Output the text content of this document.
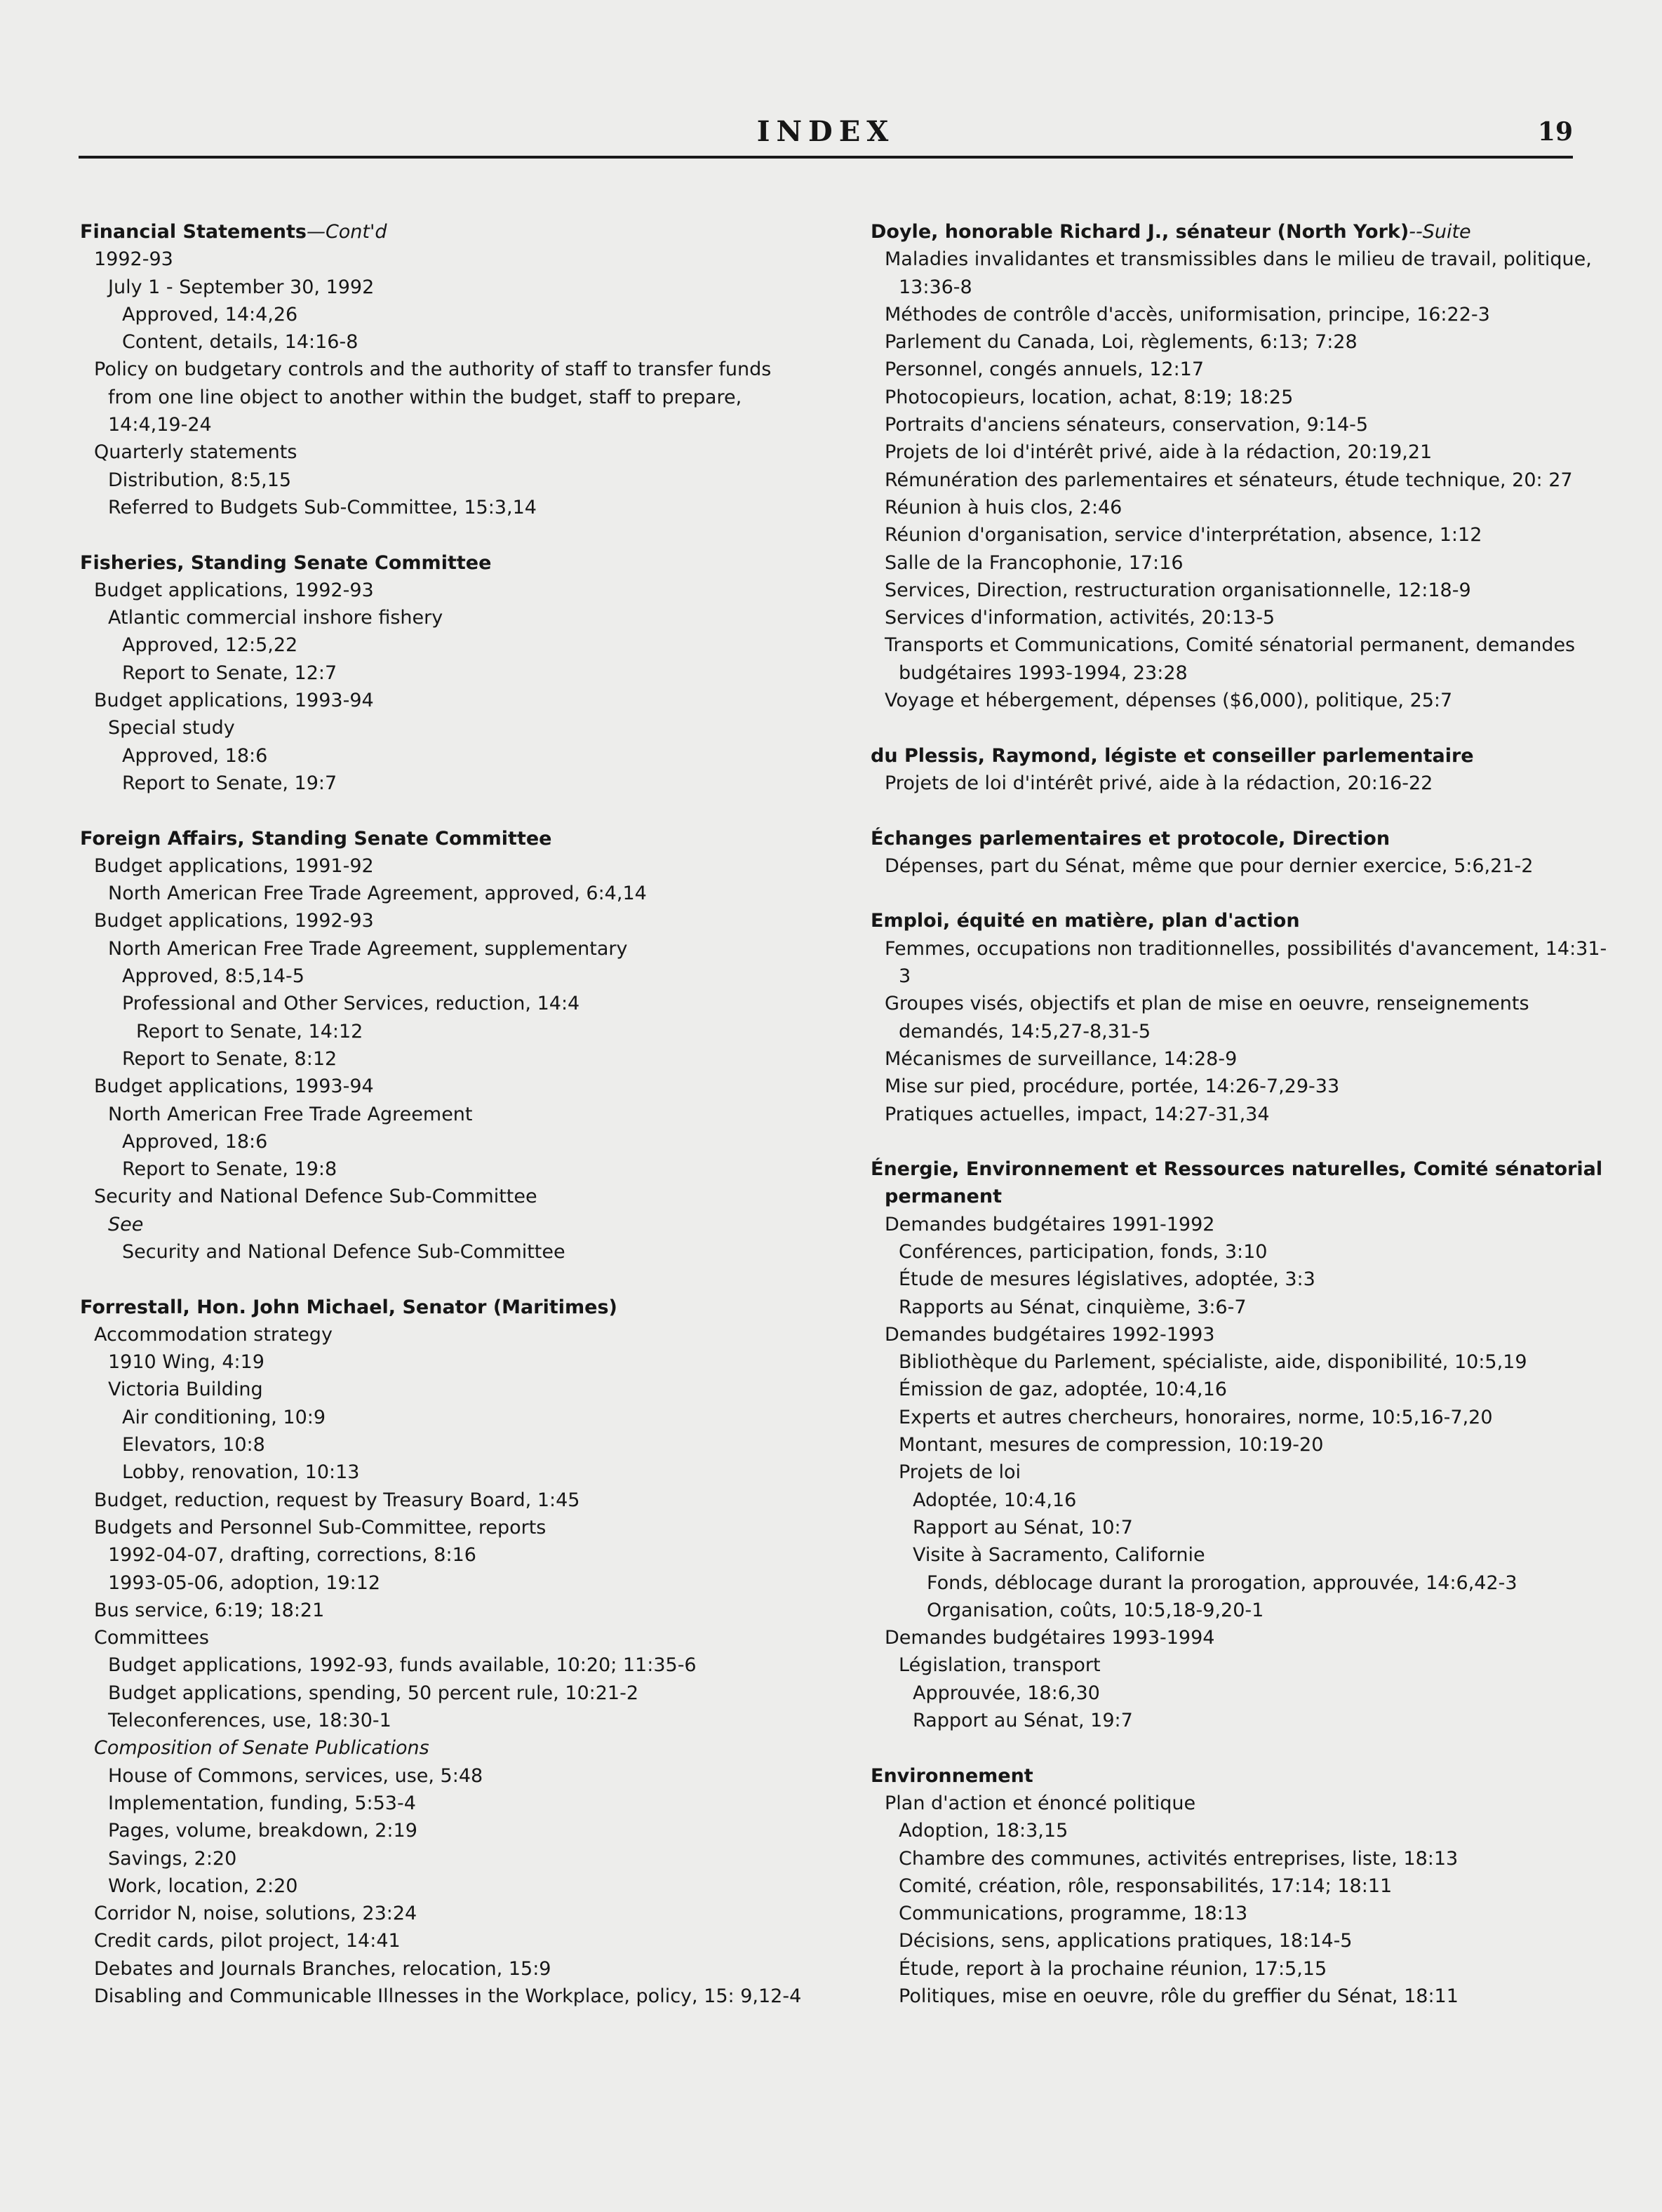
INDEX	19
Financial Statements—Cont'd
1992-93
July 1 - September 30, 1992
Approved, 14:4,26
Content, details, 14:16-8
Policy on budgetary controls and the authority of staff to transfer funds from one line object to another within the budget, staff to prepare, 14:4,19-24
Quarterly statements
Distribution, 8:5,15
Referred to Budgets Sub-Committee, 15:3,14
Fisheries, Standing Senate Committee
Budget applications, 1992-93
Atlantic commercial inshore fishery
Approved, 12:5,22
Report to Senate, 12:7
Budget applications, 1993-94
Special study
Approved, 18:6
Report to Senate, 19:7
Foreign Affairs, Standing Senate Committee
Budget applications, 1991-92
North American Free Trade Agreement, approved, 6:4,14
Budget applications, 1992-93
North American Free Trade Agreement, supplementary
Approved, 8:5,14-5
Professional and Other Services, reduction, 14:4
Report to Senate, 14:12
Report to Senate, 8:12
Budget applications, 1993-94
North American Free Trade Agreement
Approved, 18:6
Report to Senate, 19:8
Security and National Defence Sub-Committee
See
Security and National Defence Sub-Committee
Forrestall, Hon. John Michael, Senator (Maritimes)
Accommodation strategy
1910 Wing, 4:19
Victoria Building
Air conditioning, 10:9
Elevators, 10:8
Lobby, renovation, 10:13
Budget, reduction, request by Treasury Board, 1:45
Budgets and Personnel Sub-Committee, reports
1992-04-07, drafting, corrections, 8:16
1993-05-06, adoption, 19:12
Bus service, 6:19; 18:21
Committees
Budget applications, 1992-93, funds available, 10:20; 11:35-6
Budget applications, spending, 50 percent rule, 10:21-2
Teleconferences, use, 18:30-1
Composition of Senate Publications
House of Commons, services, use, 5:48
Implementation, funding, 5:53-4
Pages, volume, breakdown, 2:19
Savings, 2:20
Work, location, 2:20
Corridor N, noise, solutions, 23:24
Credit cards, pilot project, 14:41
Debates and Journals Branches, relocation, 15:9
Disabling and Communicable Illnesses in the Workplace, policy, 15: 9,12-4
Doyle, honorable Richard J., sénateur (North York)--Suite
Maladies invalidantes et transmissibles dans le milieu de travail, politique, 13:36-8
Méthodes de contrôle d'accès, uniformisation, principe, 16:22-3
Parlement du Canada, Loi, règlements, 6:13; 7:28
Personnel, congés annuels, 12:17
Photocopieurs, location, achat, 8:19; 18:25
Portraits d'anciens sénateurs, conservation, 9:14-5
Projets de loi d'intérêt privé, aide à la rédaction, 20:19,21
Rémunération des parlementaires et sénateurs, étude technique, 20: 27
Réunion à huis clos, 2:46
Réunion d'organisation, service d'interprétation, absence, 1:12
Salle de la Francophonie, 17:16
Services, Direction, restructuration organisationnelle, 12:18-9
Services d'information, activités, 20:13-5
Transports et Communications, Comité sénatorial permanent, demandes budgétaires 1993-1994, 23:28
Voyage et hébergement, dépenses ($6,000), politique, 25:7
du Plessis, Raymond, légiste et conseiller parlementaire
Projets de loi d'intérêt privé, aide à la rédaction, 20:16-22
Échanges parlementaires et protocole, Direction
Dépenses, part du Sénat, même que pour dernier exercice, 5:6,21-2
Emploi, équité en matière, plan d'action
Femmes, occupations non traditionnelles, possibilités d'avancement, 14:31-3
Groupes visés, objectifs et plan de mise en oeuvre, renseignements demandés, 14:5,27-8,31-5
Mécanismes de surveillance, 14:28-9
Mise sur pied, procédure, portée, 14:26-7,29-33
Pratiques actuelles, impact, 14:27-31,34
Énergie, Environnement et Ressources naturelles, Comité sénatorial permanent
Demandes budgétaires 1991-1992
Conférences, participation, fonds, 3:10
Étude de mesures législatives, adoptée, 3:3
Rapports au Sénat, cinquième, 3:6-7
Demandes budgétaires 1992-1993
Bibliothèque du Parlement, spécialiste, aide, disponibilité, 10:5,19
Émission de gaz, adoptée, 10:4,16
Experts et autres chercheurs, honoraires, norme, 10:5,16-7,20
Montant, mesures de compression, 10:19-20
Projets de loi
Adoptée, 10:4,16
Rapport au Sénat, 10:7
Visite à Sacramento, Californie
Fonds, déblocage durant la prorogation, approuvée, 14:6,42-3
Organisation, coûts, 10:5,18-9,20-1
Demandes budgétaires 1993-1994
Législation, transport
Approuvée, 18:6,30
Rapport au Sénat, 19:7
Environnement
Plan d'action et énoncé politique
Adoption, 18:3,15
Chambre des communes, activités entreprises, liste, 18:13
Comité, création, rôle, responsabilités, 17:14; 18:11
Communications, programme, 18:13
Décisions, sens, applications pratiques, 18:14-5
Étude, report à la prochaine réunion, 17:5,15
Politiques, mise en oeuvre, rôle du greffier du Sénat, 18:11
